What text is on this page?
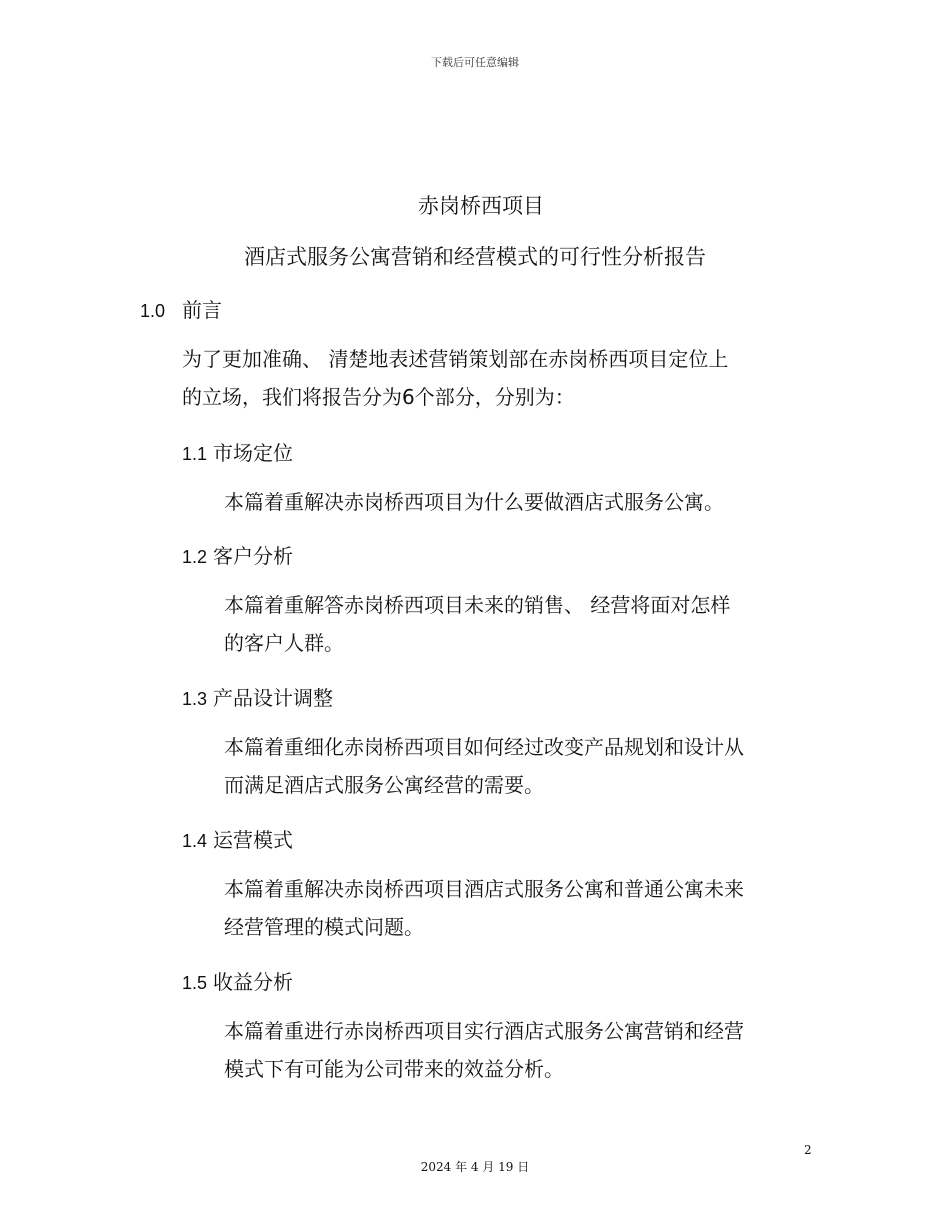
下载后可任意编辑
赤岗桥西项目
酒店式服务公寓营销和经营模式的可行性分析报告
1.0 前言
为了更加准确、 清楚地表述营销策划部在赤岗桥西项目定位上
的立场，我们将报告分为6个部分，分别为：
1.1 市场定位
本篇着重解决赤岗桥西项目为什么要做酒店式服务公寓。
1.2 客户分析
本篇着重解答赤岗桥西项目未来的销售、 经营将面对怎样
的客户人群。
1.3 产品设计调整
本篇着重细化赤岗桥西项目如何经过改变产品规划和设计从
而满足酒店式服务公寓经营的需要。
1.4 运营模式
本篇着重解决赤岗桥西项目酒店式服务公寓和普通公寓未来
经营管理的模式问题。
1.5 收益分析
本篇着重进行赤岗桥西项目实行酒店式服务公寓营销和经营
模式下有可能为公司带来的效益分析。
2
2024 年 4 月 19 日
